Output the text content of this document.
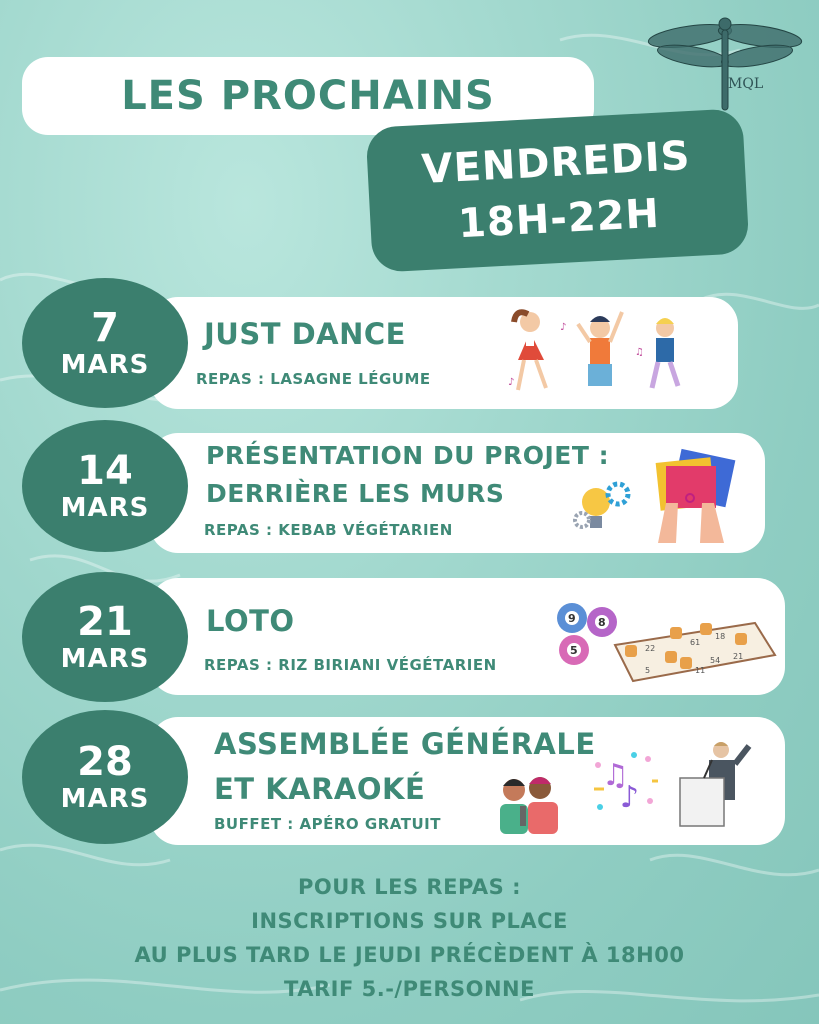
LES PROCHAINS
VENDREDIS
18H-22H
MQL
7
MARS
JUST DANCE
REPAS : LASAGNE LÉGUME
♪
♫
♪
14
MARS
PRÉSENTATION DU PROJET :
DERRIÈRE LES MURS
REPAS : KEBAB VÉGÉTARIEN
21
MARS
LOTO
REPAS : RIZ BIRIANI VÉGÉTARIEN
9 8
5	22
61
18
54 21
5	11
28
MARS
ASSEMBLÉE GÉNÉRALE
ET KARAOKÉ
BUFFET : APÉRO GRATUIT
♫
♪
POUR LES REPAS :
INSCRIPTIONS SUR PLACE
AU PLUS TARD LE JEUDI PRÉCÈDENT À 18H00
TARIF 5.-/PERSONNE
